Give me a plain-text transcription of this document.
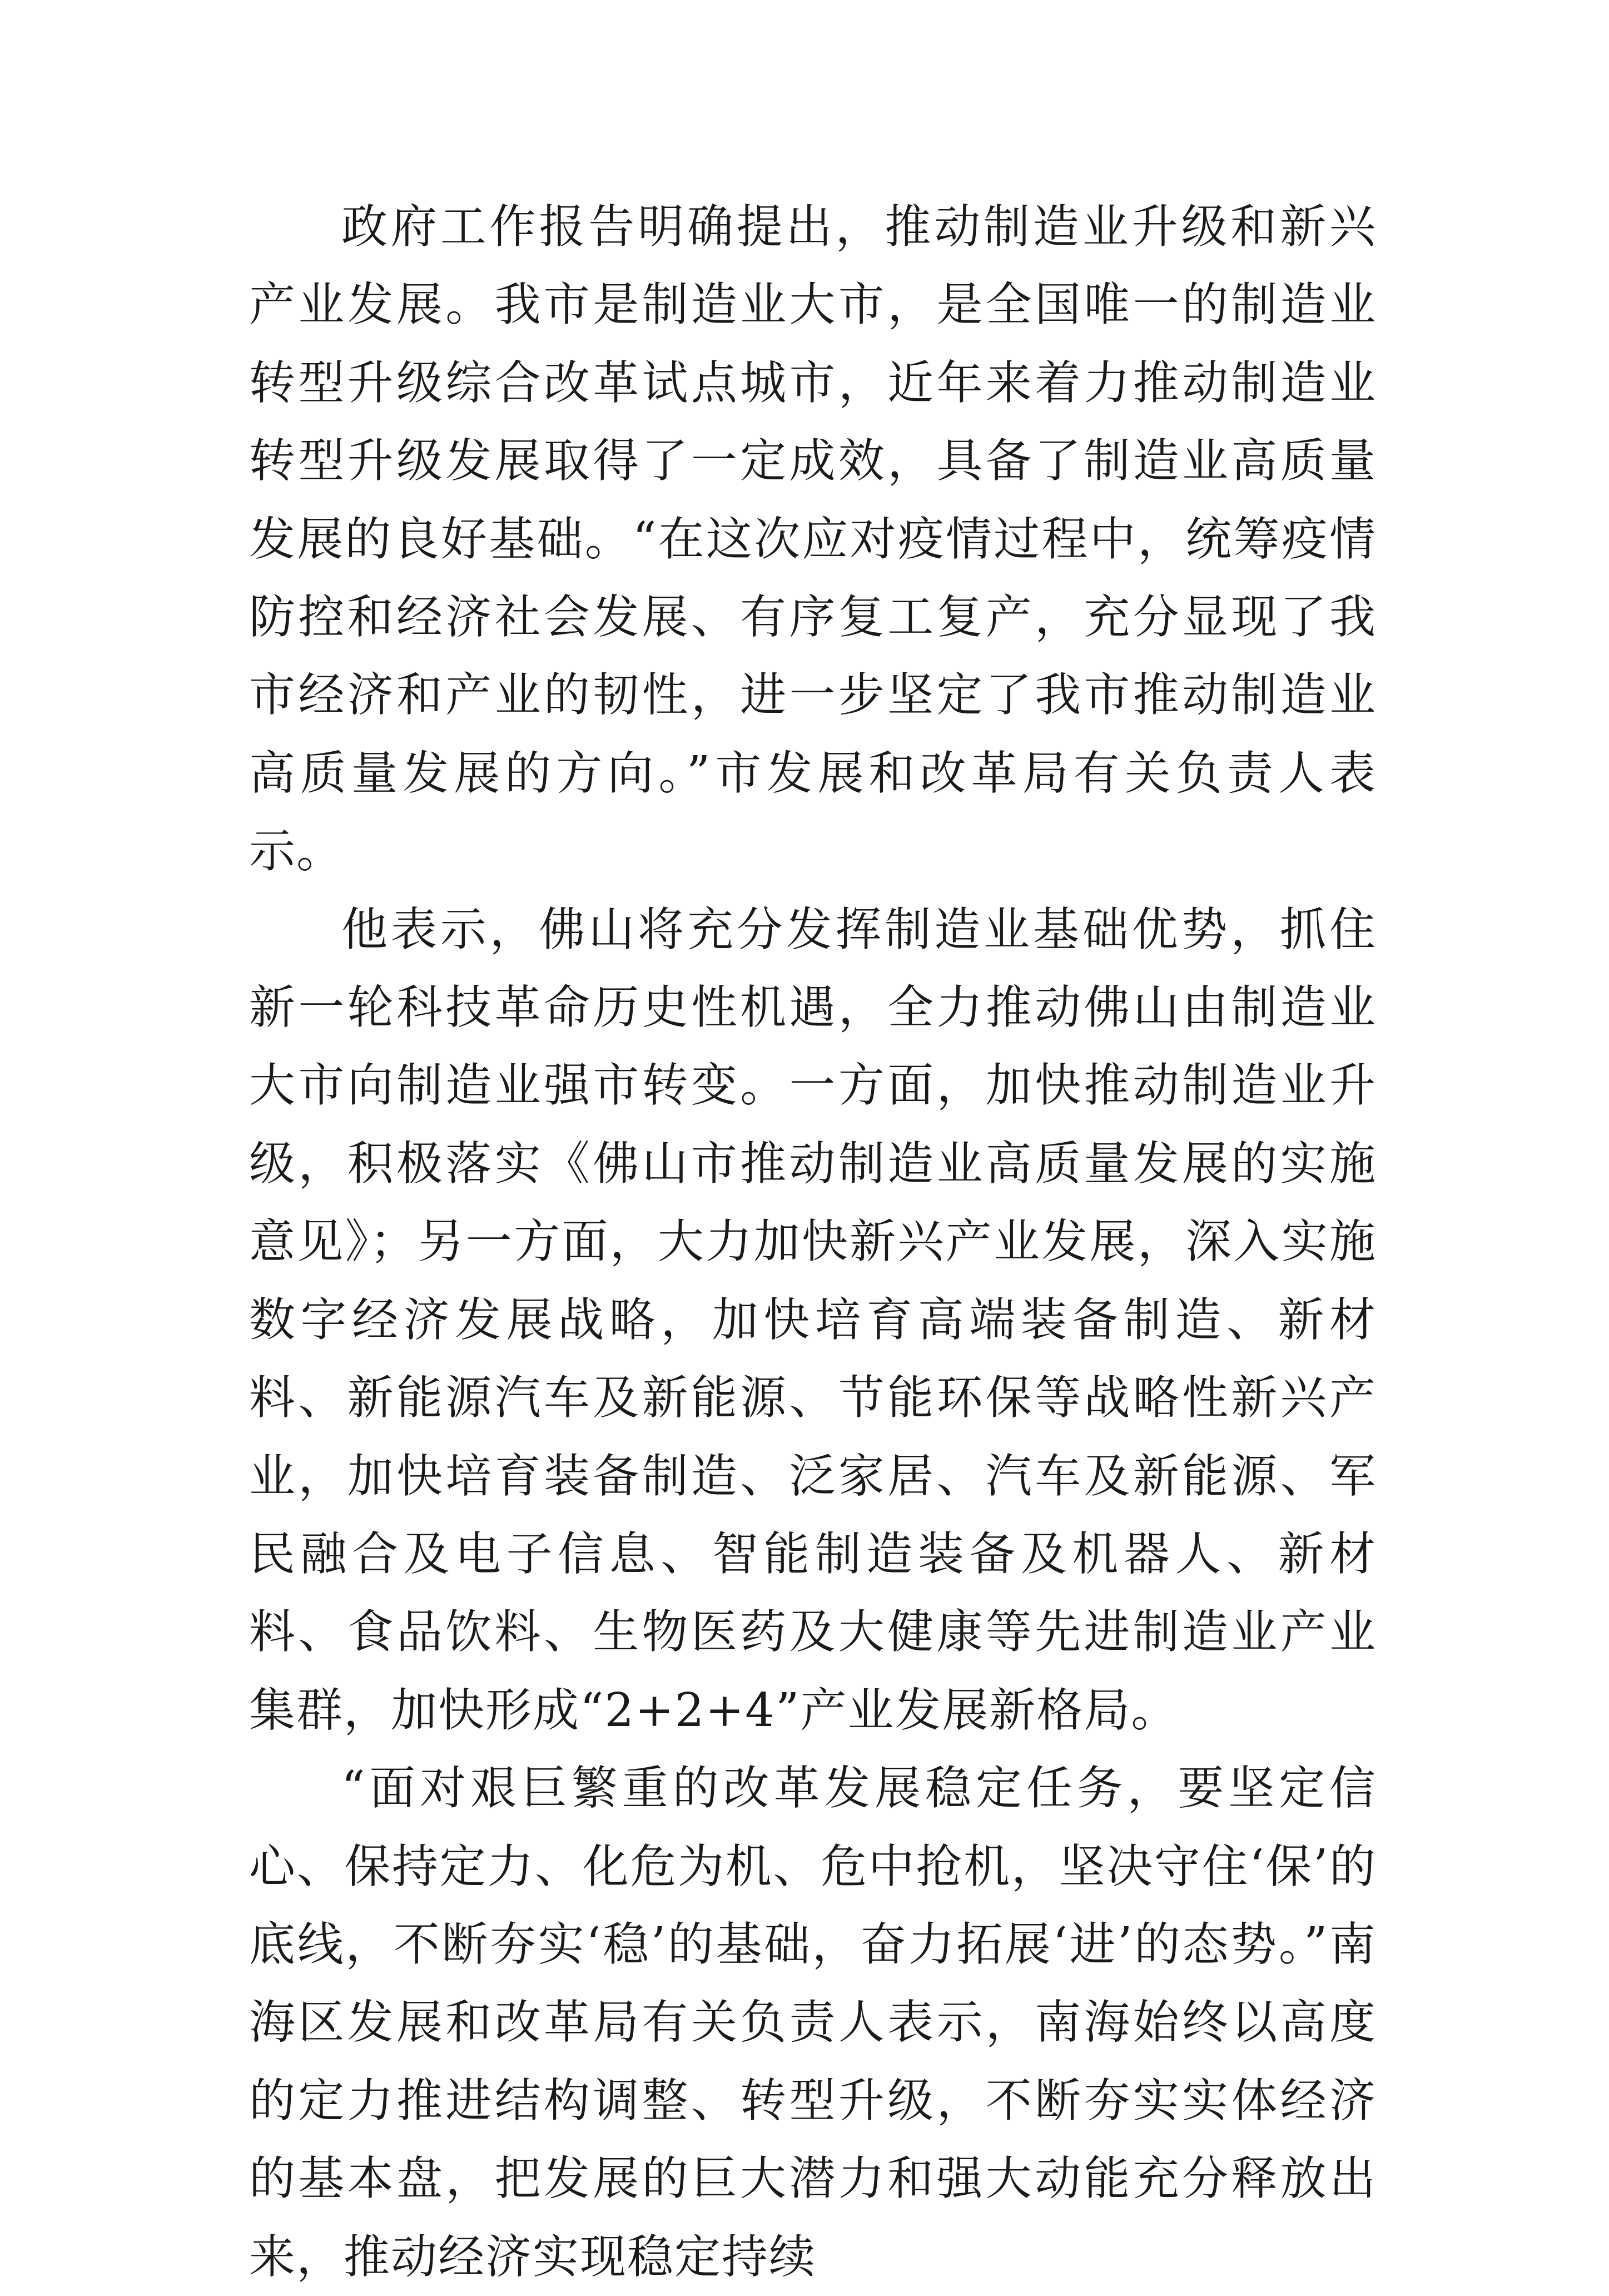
政府工作报告明确提出，推动制造业升级和新兴产业发展。我市是制造业大市，是全国唯一的制造业转型升级综合改革试点城市，近年来着力推动制造业转型升级发展取得了一定成效，具备了制造业高质量发展的良好基础。“在这次应对疫情过程中，统筹疫情防控和经济社会发展、有序复工复产，充分显现了我市经济和产业的韧性，进一步坚定了我市推动制造业高质量发展的方向。”市发展和改革局有关负责人表示。

他表示，佛山将充分发挥制造业基础优势，抓住新一轮科技革命历史性机遇，全力推动佛山由制造业大市向制造业强市转变。一方面，加快推动制造业升级，积极落实《佛山市推动制造业高质量发展的实施意见》；另一方面，大力加快新兴产业发展，深入实施数字经济发展战略，加快培育高端装备制造、新材料、新能源汽车及新能源、节能环保等战略性新兴产业，加快培育装备制造、泛家居、汽车及新能源、军民融合及电子信息、智能制造装备及机器人、新材料、食品饮料、生物医药及大健康等先进制造业产业集群，加快形成“2+2+4”产业发展新格局。

“面对艰巨繁重的改革发展稳定任务，要坚定信心、保持定力、化危为机、危中抢机，坚决守住‘保’的底线，不断夯实‘稳’的基础，奋力拓展‘进’的态势。”南海区发展和改革局有关负责人表示，南海始终以高度的定力推进结构调整、转型升级，不断夯实实体经济的基本盘，把发展的巨大潜力和强大动能充分释放出来，推动经济实现稳定持续
